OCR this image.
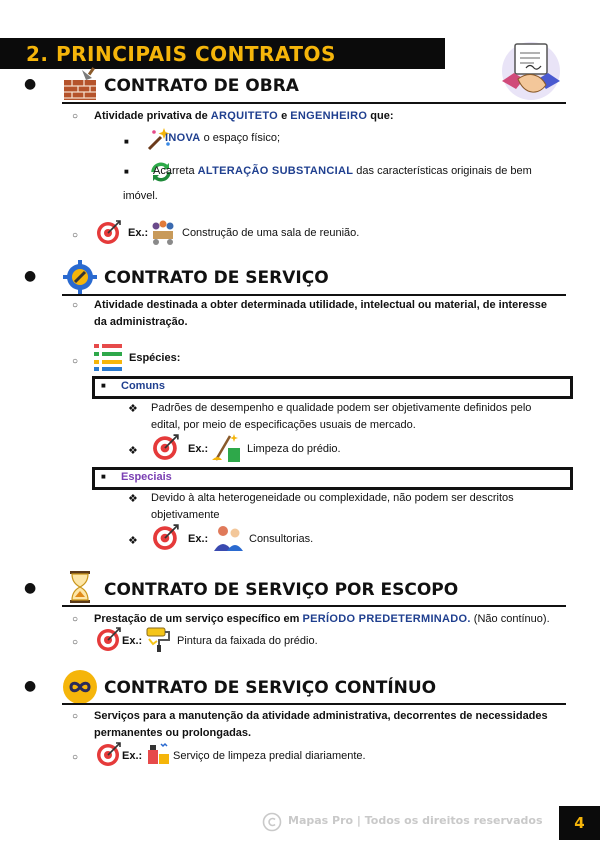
2. PRINCIPAIS CONTRATOS
●	CONTRATO DE OBRA
○ Atividade privativa de ARQUITETO e ENGENHEIRO que:
■	INOVA o espaço físico;
■ Acarreta ALTERAÇÃO SUBSTANCIAL das características originais de bem
imóvel.
○	Ex.:	Construção de uma sala de reunião.
●	CONTRATO DE SERVIÇO
○ Atividade destinada a obter determinada utilidade, intelectual ou material, de interesse
da administração.
○	Espécies:
■ Comuns
❖ Padrões de desempenho e qualidade podem ser objetivamente definidos pelo
edital, por meio de especificações usuais de mercado.
❖	Ex.:	Limpeza do prédio.
■ Especiais
❖ Devido à alta heterogeneidade ou complexidade, não podem ser descritos
objetivamente
❖	Ex.:	Consultorias.
●	CONTRATO DE SERVIÇO POR ESCOPO
○ Prestação de um serviço específico em PERÍODO PREDETERMINADO. (Não contínuo).
○	Ex.:	Pintura da faixada do prédio.
●	CONTRATO DE SERVIÇO CONTÍNUO
○ Serviços para a manutenção da atividade administrativa, decorrentes de necessidades
permanentes ou prolongadas.
○	Ex.:	Serviço de limpeza predial diariamente.
Mapas Pro | Todos os direitos reservados	4
